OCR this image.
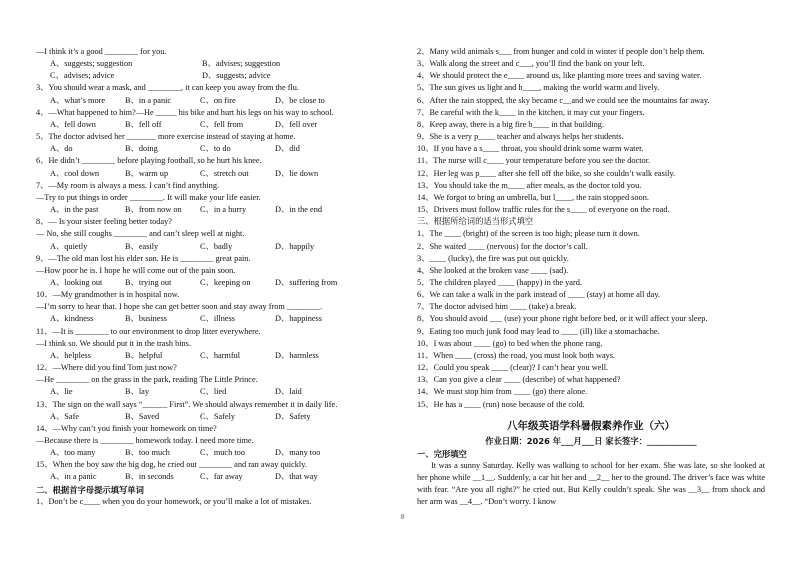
—I think it’s a good ________ for you.
A、suggests; suggestion	B、advises; suggestion
C、advises; advice	D、suggests; advice
3、You should wear a mask, and ________, it can keep you away from the flu.
A、what’s more	B、in a panic	C、on fire	D、be close to
4、—What happened to him?—He _____ his bike and hurt his legs on his way to school.
A、fell down	B、fell off	C、fell from	D、fell over
5、The doctor advised her _______ more exercise instead of staying at home.
A、do	B、doing	C、to do	D、did
6、He didn’t ________ before playing football, so he hurt his knee.
A、cool down	B、warm up	C、stretch out	D、lie down
7、—My room is always a mess. I can’t find anything.
—Try to put things in order ________. It will make your life easier.
A、in the past	B、from now on	C、in a hurry	D、in the end
8、— Is your sister feeling better today?
— No, she still coughs ________ and can’t sleep well at night.
A、quietly	B、easily	C、badly	D、happily
9、—The old man lost his elder son. He is ________ great pain.
—How poor he is. I hope he will come out of the pain soon.
A、looking out	B、trying out	C、keeping on	D、suffering from
10、—My grandmother is in hospital now.
—I’m sorry to hear that. I hope she can get better soon and stay away from ________.
A、kindness	B、business	C、illness	D、happiness
11、—It is ________ to our environment to drop litter everywhere.
—I think so. We should put it in the trash bins.
A、helpless	B、helpful	C、harmful	D、harmless
12、—Where did you find Tom just now?
—He ________ on the grass in the park, reading The Little Prince.
A、lie	B、lay	C、lied	D、laid
13、The sign on the wall says “______ First”. We should always remember it in daily life.
A、Safe	B、Saved	C、Safely	D、Safety
14、—Why can’t you finish your homework on time?
—Because there is ________ homework today. I need more time.
A、too many	B、too much	C、much too	D、many too
15、When the boy saw the big dog, he cried out ________ and ran away quickly.
A、in a panic	B、in seconds	C、far away	D、that way
二、根据首字母提示填写单词
1、Don’t be c____ when you do your homework, or you’ll make a lot of mistakes.
2、Many wild animals s___ from hunger and cold in winter if people don’t help them.
3、Walk along the street and c___, you’ll find the bank on your left.
4、We should protect the e____ around us, like planting more trees and saving water.
5、The sun gives us light and h____, making the world warm and lively.
6、After the rain stopped, the sky became c__and we could see the mountains far away.
7、Be careful with the k____ in the kitchen, it may cut your fingers.
8、Keep away, there is a big fire b____ in that building.
9、She is a very p____ teacher and always helps her students.
10、If you have a s____ throat, you should drink some warm water.
11、The nurse will c____ your temperature before you see the doctor.
12、Her leg was p____ after she fell off the bike, so she couldn’t walk easily.
13、You should take the m____ after meals, as the doctor told you.
14、We forgot to bring an umbrella, but l____, the rain stopped soon.
15、Drivers must follow traffic rules for the s____ of everyone on the road.
三、根据所给词的适当形式填空
1、The ____ (bright) of the screen is too high; please turn it down.
2、She waited ____ (nervous) for the doctor’s call.
3、____ (lucky), the fire was put out quickly.
4、She looked at the broken vase ____ (sad).
5、The children played ____ (happy) in the yard.
6、We can take a walk in the park instead of ____ (stay) at home all day.
7、The doctor advised him ____ (take) a break.
8、You should avoid ___ (use) your phone right before bed, or it will affect your sleep.
9、Eating too much junk food may lead to ____ (ill) like a stomachache.
10、I was about ____ (go) to bed when the phone rang.
11、When ____ (cross) the road, you must look both ways.
12、Could you speak ____ (clear)? I can’t hear you well.
13、Can you give a clear ____ (describe) of what happened?
14、We must stop him from ____ (go) there alone.
15、He has a ____ (run) nose because of the cold.
八年级英语学科暑假素养作业（六）
作业日期：2026 年___月___日 家长签字：____________
一、完形填空
It was a sunny Saturday. Kelly was walking to school for her exam. She was late, so she looked at her phone while __1__. Suddenly, a car hit her and __2__ her to the ground. The driver’s face was white with fear. “Are you all right?” he cried out. But Kelly couldn’t speak. She was __3__ from shock and her arm was __4__. “Don’t worry. I know
8
